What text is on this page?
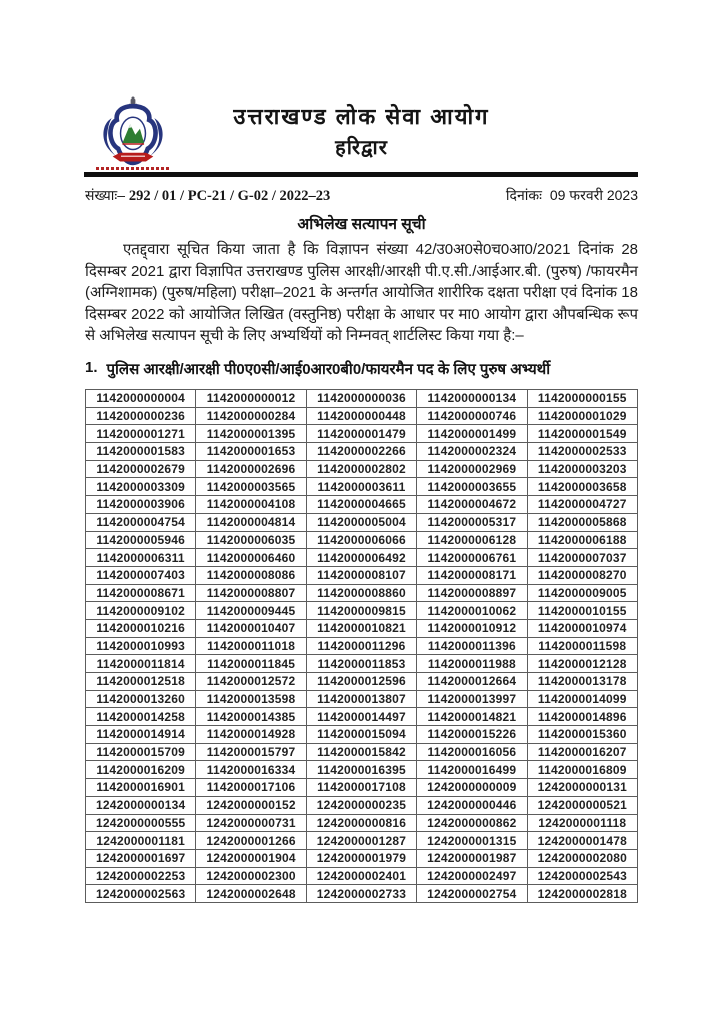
उत्तराखण्ड लोक सेवा आयोग
हरिद्वार
संख्याः– 292 / 01 / PC-21 / G-02 / 2022–23	दिनांकः 09 फरवरी 2023
अभिलेख सत्यापन सूची

एतद्द्वारा सूचित किया जाता है कि विज्ञापन संख्या 42/उ0अ0से0च0आ0/2021 दिनांक 28 दिसम्बर 2021 द्वारा विज्ञापित उत्तराखण्ड पुलिस आरक्षी/आरक्षी पी.ए.सी./आईआर.बी. (पुरुष) /फायरमैन (अग्निशामक) (पुरुष/महिला) परीक्षा–2021 के अन्तर्गत आयोजित शारीरिक दक्षता परीक्षा एवं दिनांक 18 दिसम्बर 2022 को आयोजित लिखित (वस्तुनिष्ठ) परीक्षा के आधार पर मा0 आयोग द्वारा औपबन्धिक रूप से अभिलेख सत्यापन सूची के लिए अभ्यर्थियों को निम्नवत् शार्टलिस्ट किया गया है:–

1. पुलिस आरक्षी/आरक्षी पी0ए0सी/आई0आर0बी0/फायरमैन पद के लिए पुरुष अभ्यर्थी
1142000000004	1142000000012	1142000000036	1142000000134	1142000000155
1142000000236	1142000000284	1142000000448	1142000000746	1142000001029
1142000001271	1142000001395	1142000001479	1142000001499	1142000001549
1142000001583	1142000001653	1142000002266	1142000002324	1142000002533
1142000002679	1142000002696	1142000002802	1142000002969	1142000003203
1142000003309	1142000003565	1142000003611	1142000003655	1142000003658
1142000003906	1142000004108	1142000004665	1142000004672	1142000004727
1142000004754	1142000004814	1142000005004	1142000005317	1142000005868
1142000005946	1142000006035	1142000006066	1142000006128	1142000006188
1142000006311	1142000006460	1142000006492	1142000006761	1142000007037
1142000007403	1142000008086	1142000008107	1142000008171	1142000008270
1142000008671	1142000008807	1142000008860	1142000008897	1142000009005
1142000009102	1142000009445	1142000009815	1142000010062	1142000010155
1142000010216	1142000010407	1142000010821	1142000010912	1142000010974
1142000010993	1142000011018	1142000011296	1142000011396	1142000011598
1142000011814	1142000011845	1142000011853	1142000011988	1142000012128
1142000012518	1142000012572	1142000012596	1142000012664	1142000013178
1142000013260	1142000013598	1142000013807	1142000013997	1142000014099
1142000014258	1142000014385	1142000014497	1142000014821	1142000014896
1142000014914	1142000014928	1142000015094	1142000015226	1142000015360
1142000015709	1142000015797	1142000015842	1142000016056	1142000016207
1142000016209	1142000016334	1142000016395	1142000016499	1142000016809
1142000016901	1142000017106	1142000017108	1242000000009	1242000000131
1242000000134	1242000000152	1242000000235	1242000000446	1242000000521
1242000000555	1242000000731	1242000000816	1242000000862	1242000001118
1242000001181	1242000001266	1242000001287	1242000001315	1242000001478
1242000001697	1242000001904	1242000001979	1242000001987	1242000002080
1242000002253	1242000002300	1242000002401	1242000002497	1242000002543
1242000002563	1242000002648	1242000002733	1242000002754	1242000002818
